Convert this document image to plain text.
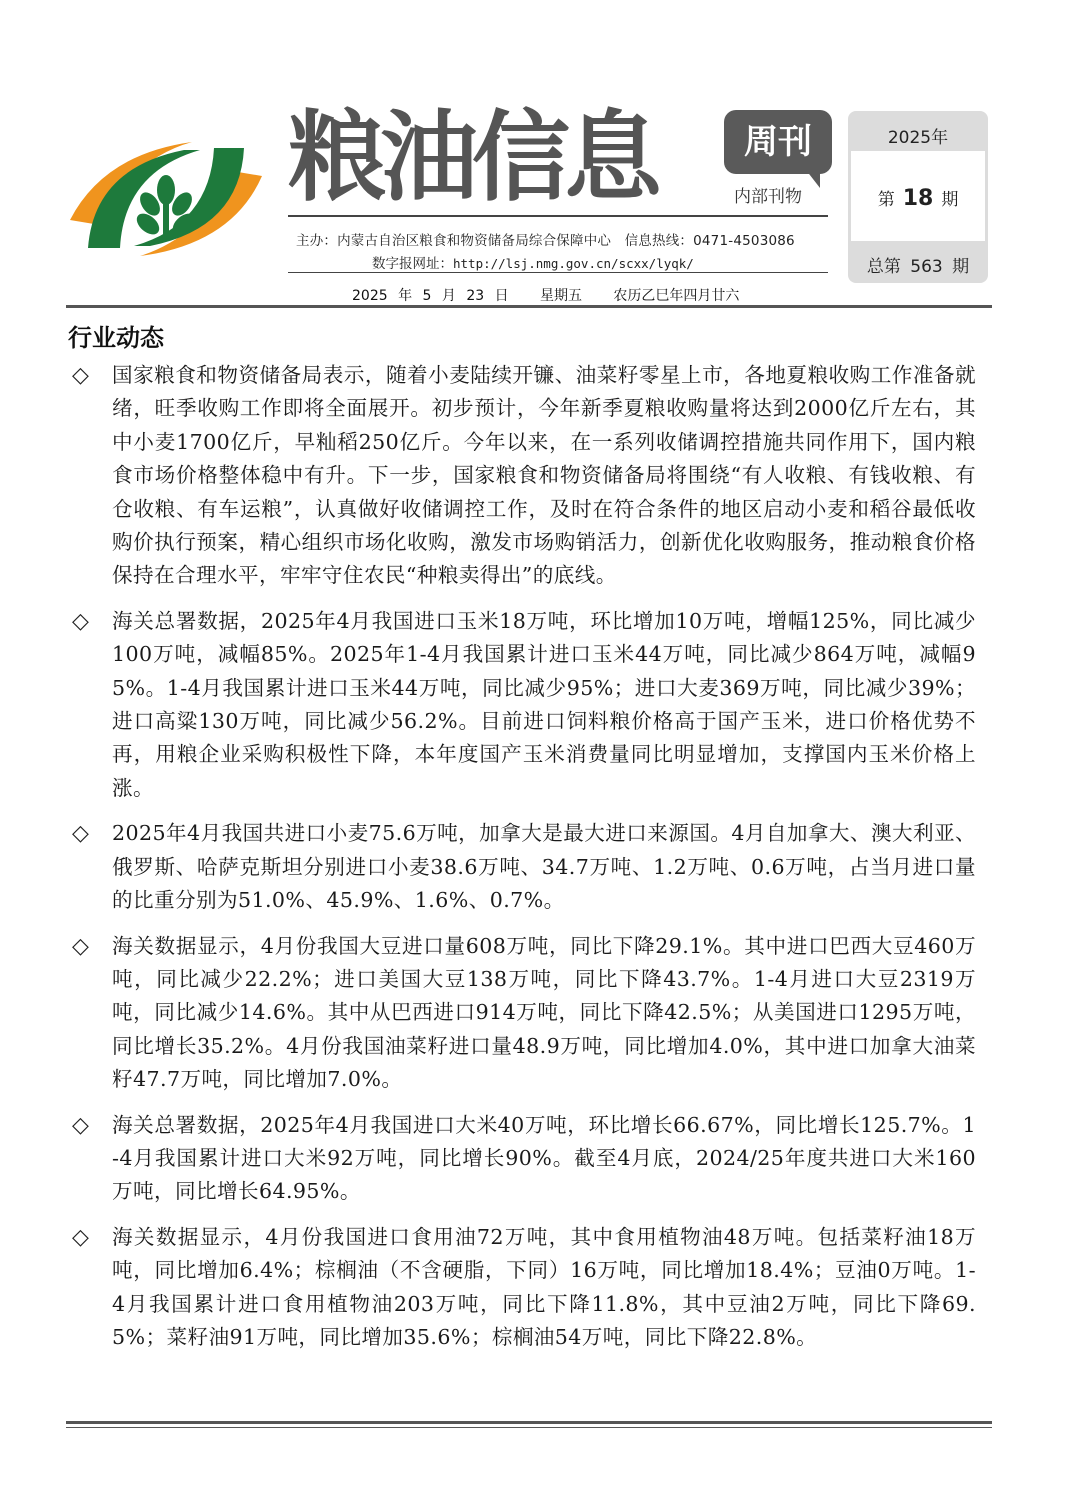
粮油信息	周刊
内部刊物
主办：内蒙古自治区粮食和物资储备局综合保障中心 信息热线：0471-4503086
数字报网址：http://lsj.nmg.gov.cn/scxx/lyqk/
2025 年 5 月 23 日 星期五 农历乙巳年四月廿六
2025年
第 18 期
总第 563 期
行业动态
◇ 国家粮食和物资储备局表示，随着小麦陆续开镰、油菜籽零星上市，各地夏粮收购工作准备就绪，旺季收购工作即将全面展开。初步预计，今年新季夏粮收购量将达到2000亿斤左右，其中小麦1700亿斤，早籼稻250亿斤。今年以来，在一系列收储调控措施共同作用下，国内粮食市场价格整体稳中有升。下一步，国家粮食和物资储备局将围绕“有人收粮、有钱收粮、有仓收粮、有车运粮”，认真做好收储调控工作，及时在符合条件的地区启动小麦和稻谷最低收购价执行预案，精心组织市场化收购，激发市场购销活力，创新优化收购服务，推动粮食价格保持在合理水平，牢牢守住农民“种粮卖得出”的底线。
◇ 海关总署数据，2025年4月我国进口玉米18万吨，环比增加10万吨，增幅125%，同比减少100万吨，减幅85%。2025年1-4月我国累计进口玉米44万吨，同比减少864万吨，减幅95%。1-4月我国累计进口玉米44万吨，同比减少95%；进口大麦369万吨，同比减少39%；进口高粱130万吨，同比减少56.2%。目前进口饲料粮价格高于国产玉米，进口价格优势不再，用粮企业采购积极性下降，本年度国产玉米消费量同比明显增加，支撑国内玉米价格上涨。
◇ 2025年4月我国共进口小麦75.6万吨，加拿大是最大进口来源国。4月自加拿大、澳大利亚、俄罗斯、哈萨克斯坦分别进口小麦38.6万吨、34.7万吨、1.2万吨、0.6万吨，占当月进口量的比重分别为51.0%、45.9%、1.6%、0.7%。
◇ 海关数据显示，4月份我国大豆进口量608万吨，同比下降29.1%。其中进口巴西大豆460万吨，同比减少22.2%；进口美国大豆138万吨，同比下降43.7%。1-4月进口大豆2319万吨，同比减少14.6%。其中从巴西进口914万吨，同比下降42.5%；从美国进口1295万吨，同比增长35.2%。4月份我国油菜籽进口量48.9万吨，同比增加4.0%，其中进口加拿大油菜籽47.7万吨，同比增加7.0%。
◇ 海关总署数据，2025年4月我国进口大米40万吨，环比增长66.67%，同比增长125.7%。1-4月我国累计进口大米92万吨，同比增长90%。截至4月底，2024/25年度共进口大米160万吨，同比增长64.95%。
◇ 海关数据显示，4月份我国进口食用油72万吨，其中食用植物油48万吨。包括菜籽油18万吨，同比增加6.4%；棕榈油（不含硬脂，下同）16万吨，同比增加18.4%；豆油0万吨。1-4月我国累计进口食用植物油203万吨，同比下降11.8%，其中豆油2万吨，同比下降69.5%；菜籽油91万吨，同比增加35.6%；棕榈油54万吨，同比下降22.8%。
